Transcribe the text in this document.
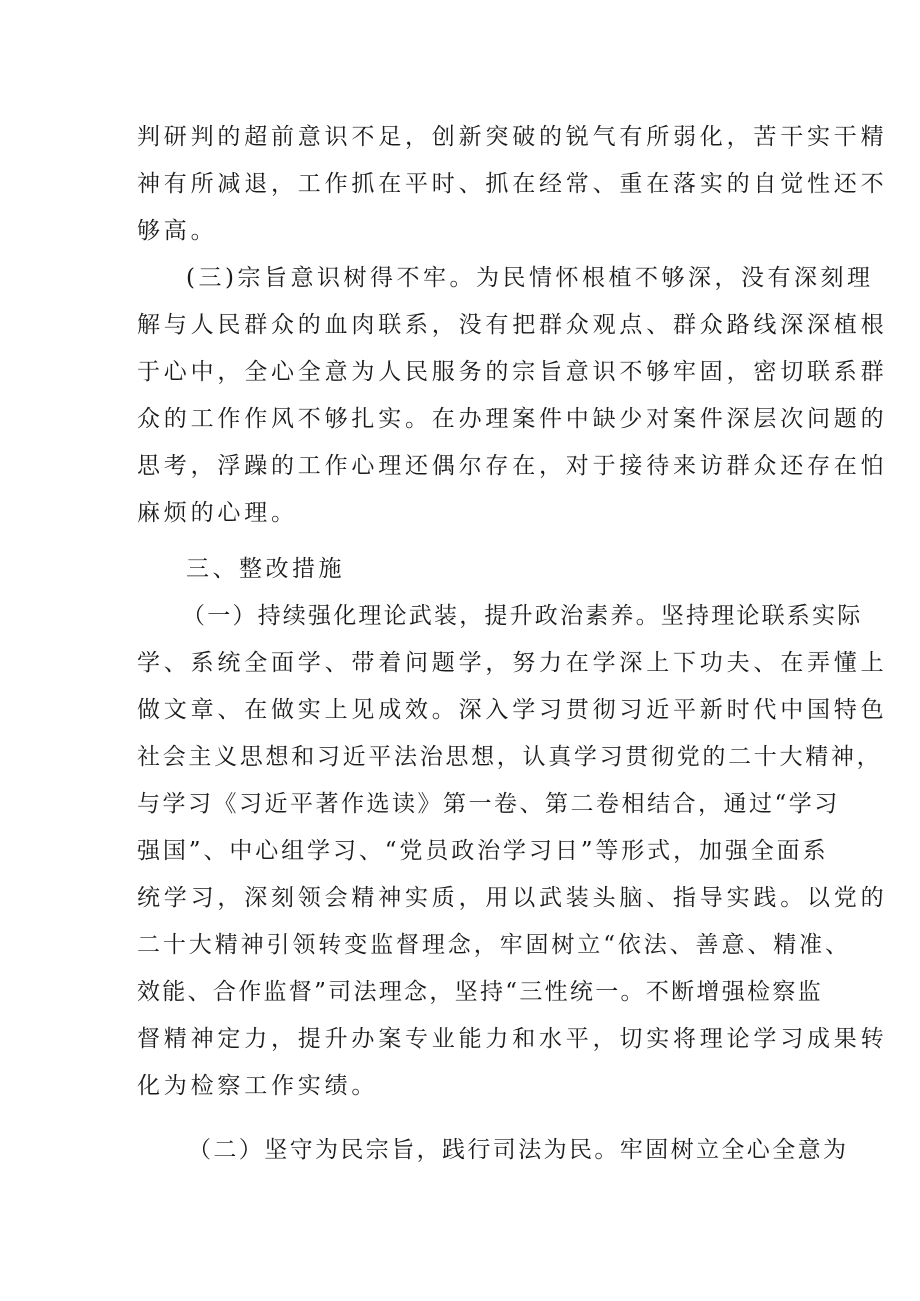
判研判的超前意识不足，创新突破的锐气有所弱化，苦干实干精

神有所减退，工作抓在平时、抓在经常、重在落实的自觉性还不

够高。

(三)宗旨意识树得不牢。为民情怀根植不够深，没有深刻理

解与人民群众的血肉联系，没有把群众观点、群众路线深深植根

于心中，全心全意为人民服务的宗旨意识不够牢固，密切联系群

众的工作作风不够扎实。在办理案件中缺少对案件深层次问题的

思考，浮躁的工作心理还偶尔存在，对于接待来访群众还存在怕

麻烦的心理。

三、整改措施

（一）持续强化理论武装，提升政治素养。坚持理论联系实际

学、系统全面学、带着问题学，努力在学深上下功夫、在弄懂上

做文章、在做实上见成效。深入学习贯彻习近平新时代中国特色

社会主义思想和习近平法治思想，认真学习贯彻党的二十大精神，

与学习《习近平著作选读》第一卷、第二卷相结合，通过“学习

强国”、中心组学习、“党员政治学习日”等形式，加强全面系

统学习，深刻领会精神实质，用以武装头脑、指导实践。以党的

二十大精神引领转变监督理念，牢固树立“依法、善意、精准、

效能、合作监督”司法理念，坚持“三性统一。不断增强检察监

督精神定力，提升办案专业能力和水平，切实将理论学习成果转

化为检察工作实绩。

（二）坚守为民宗旨，践行司法为民。牢固树立全心全意为
